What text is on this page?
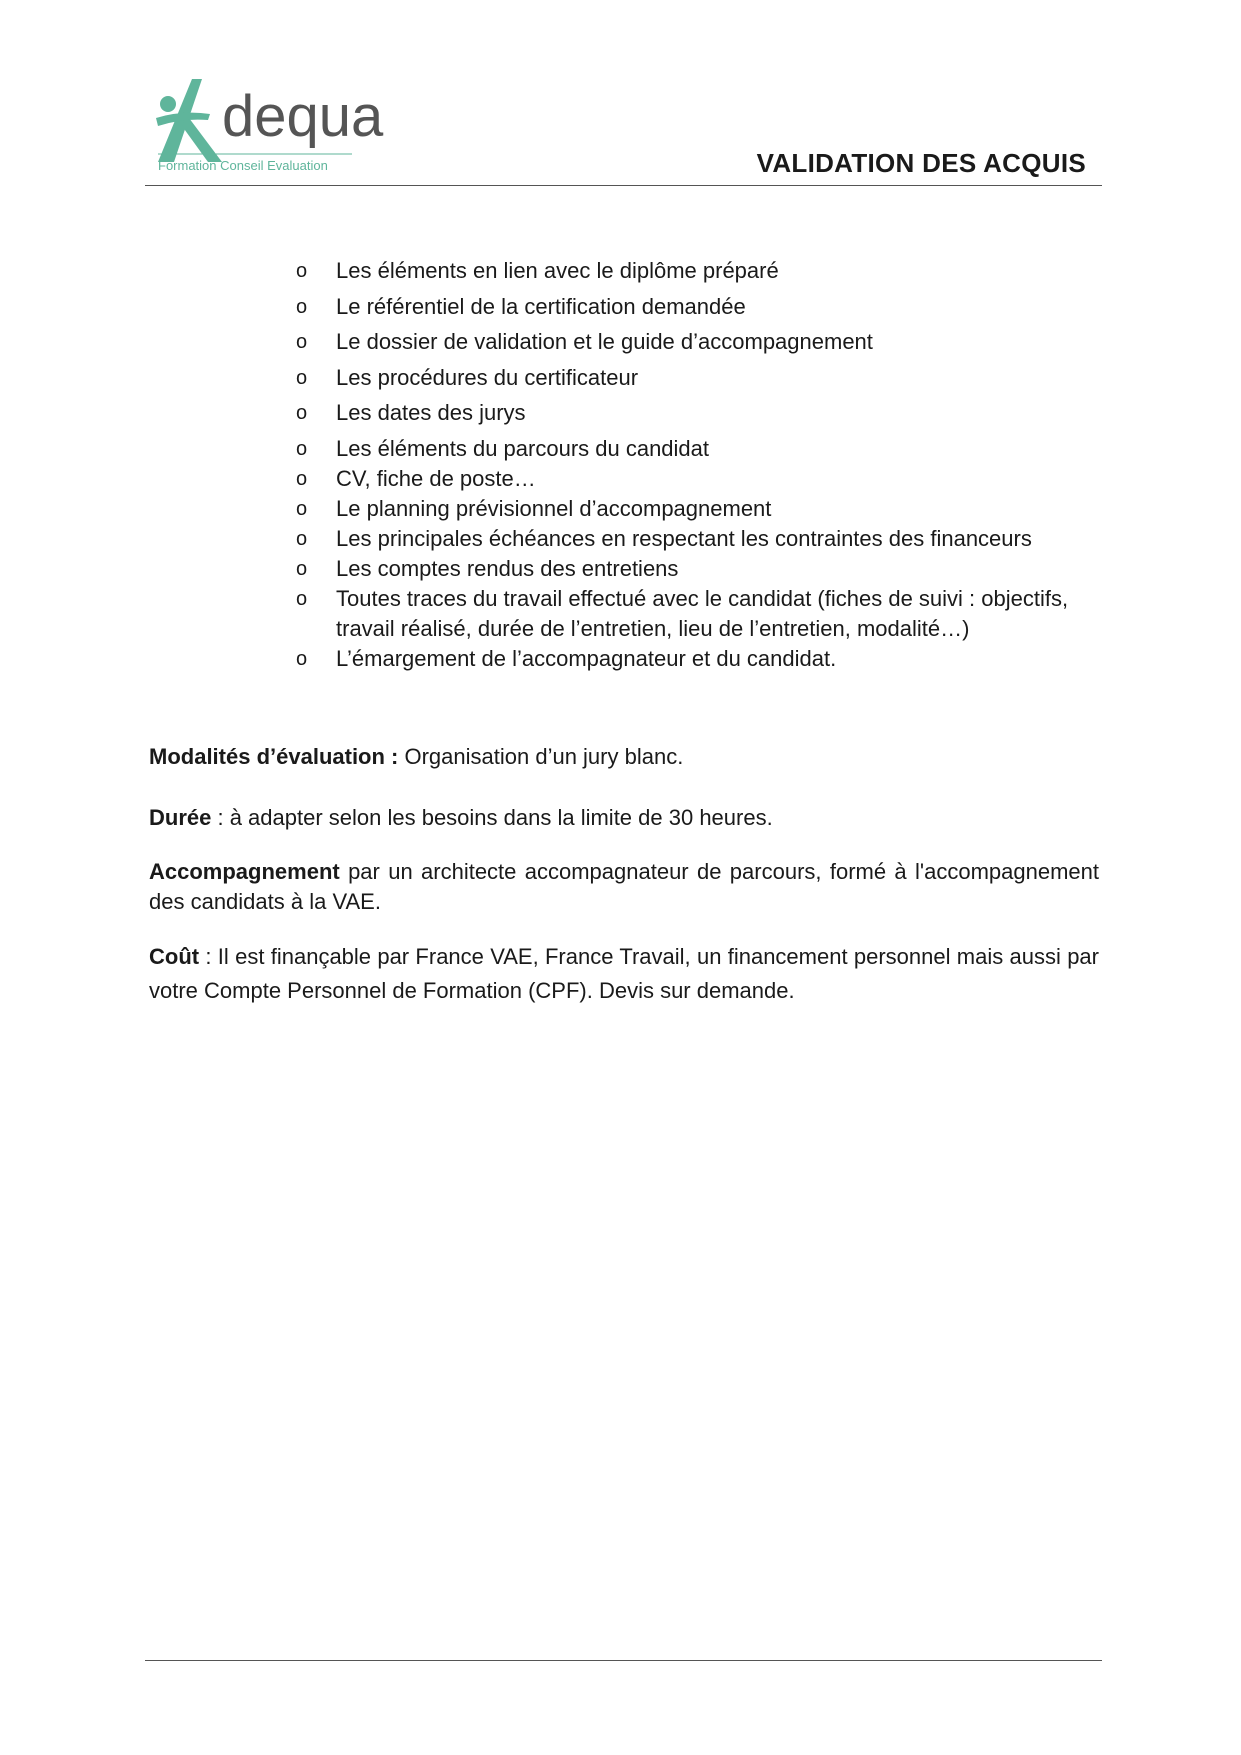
dequa
Formation Conseil Evaluation	VALIDATION DES ACQUIS
o Les éléments en lien avec le diplôme préparé
o Le référentiel de la certification demandée
o Le dossier de validation et le guide d’accompagnement
o Les procédures du certificateur
o Les dates des jurys
o Les éléments du parcours du candidat
o CV, fiche de poste…
o Le planning prévisionnel d’accompagnement
o Les principales échéances en respectant les contraintes des financeurs
o Les comptes rendus des entretiens
o Toutes traces du travail effectué avec le candidat (fiches de suivi : objectifs, travail réalisé, durée de l’entretien, lieu de l’entretien, modalité…)
o L’émargement de l’accompagnateur et du candidat.

Modalités d’évaluation : Organisation d’un jury blanc.

Durée : à adapter selon les besoins dans la limite de 30 heures.

Accompagnement par un architecte accompagnateur de parcours, formé à l'accompagnement des candidats à la VAE.

Coût : Il est finançable par France VAE, France Travail, un financement personnel mais aussi par votre Compte Personnel de Formation (CPF). Devis sur demande.
